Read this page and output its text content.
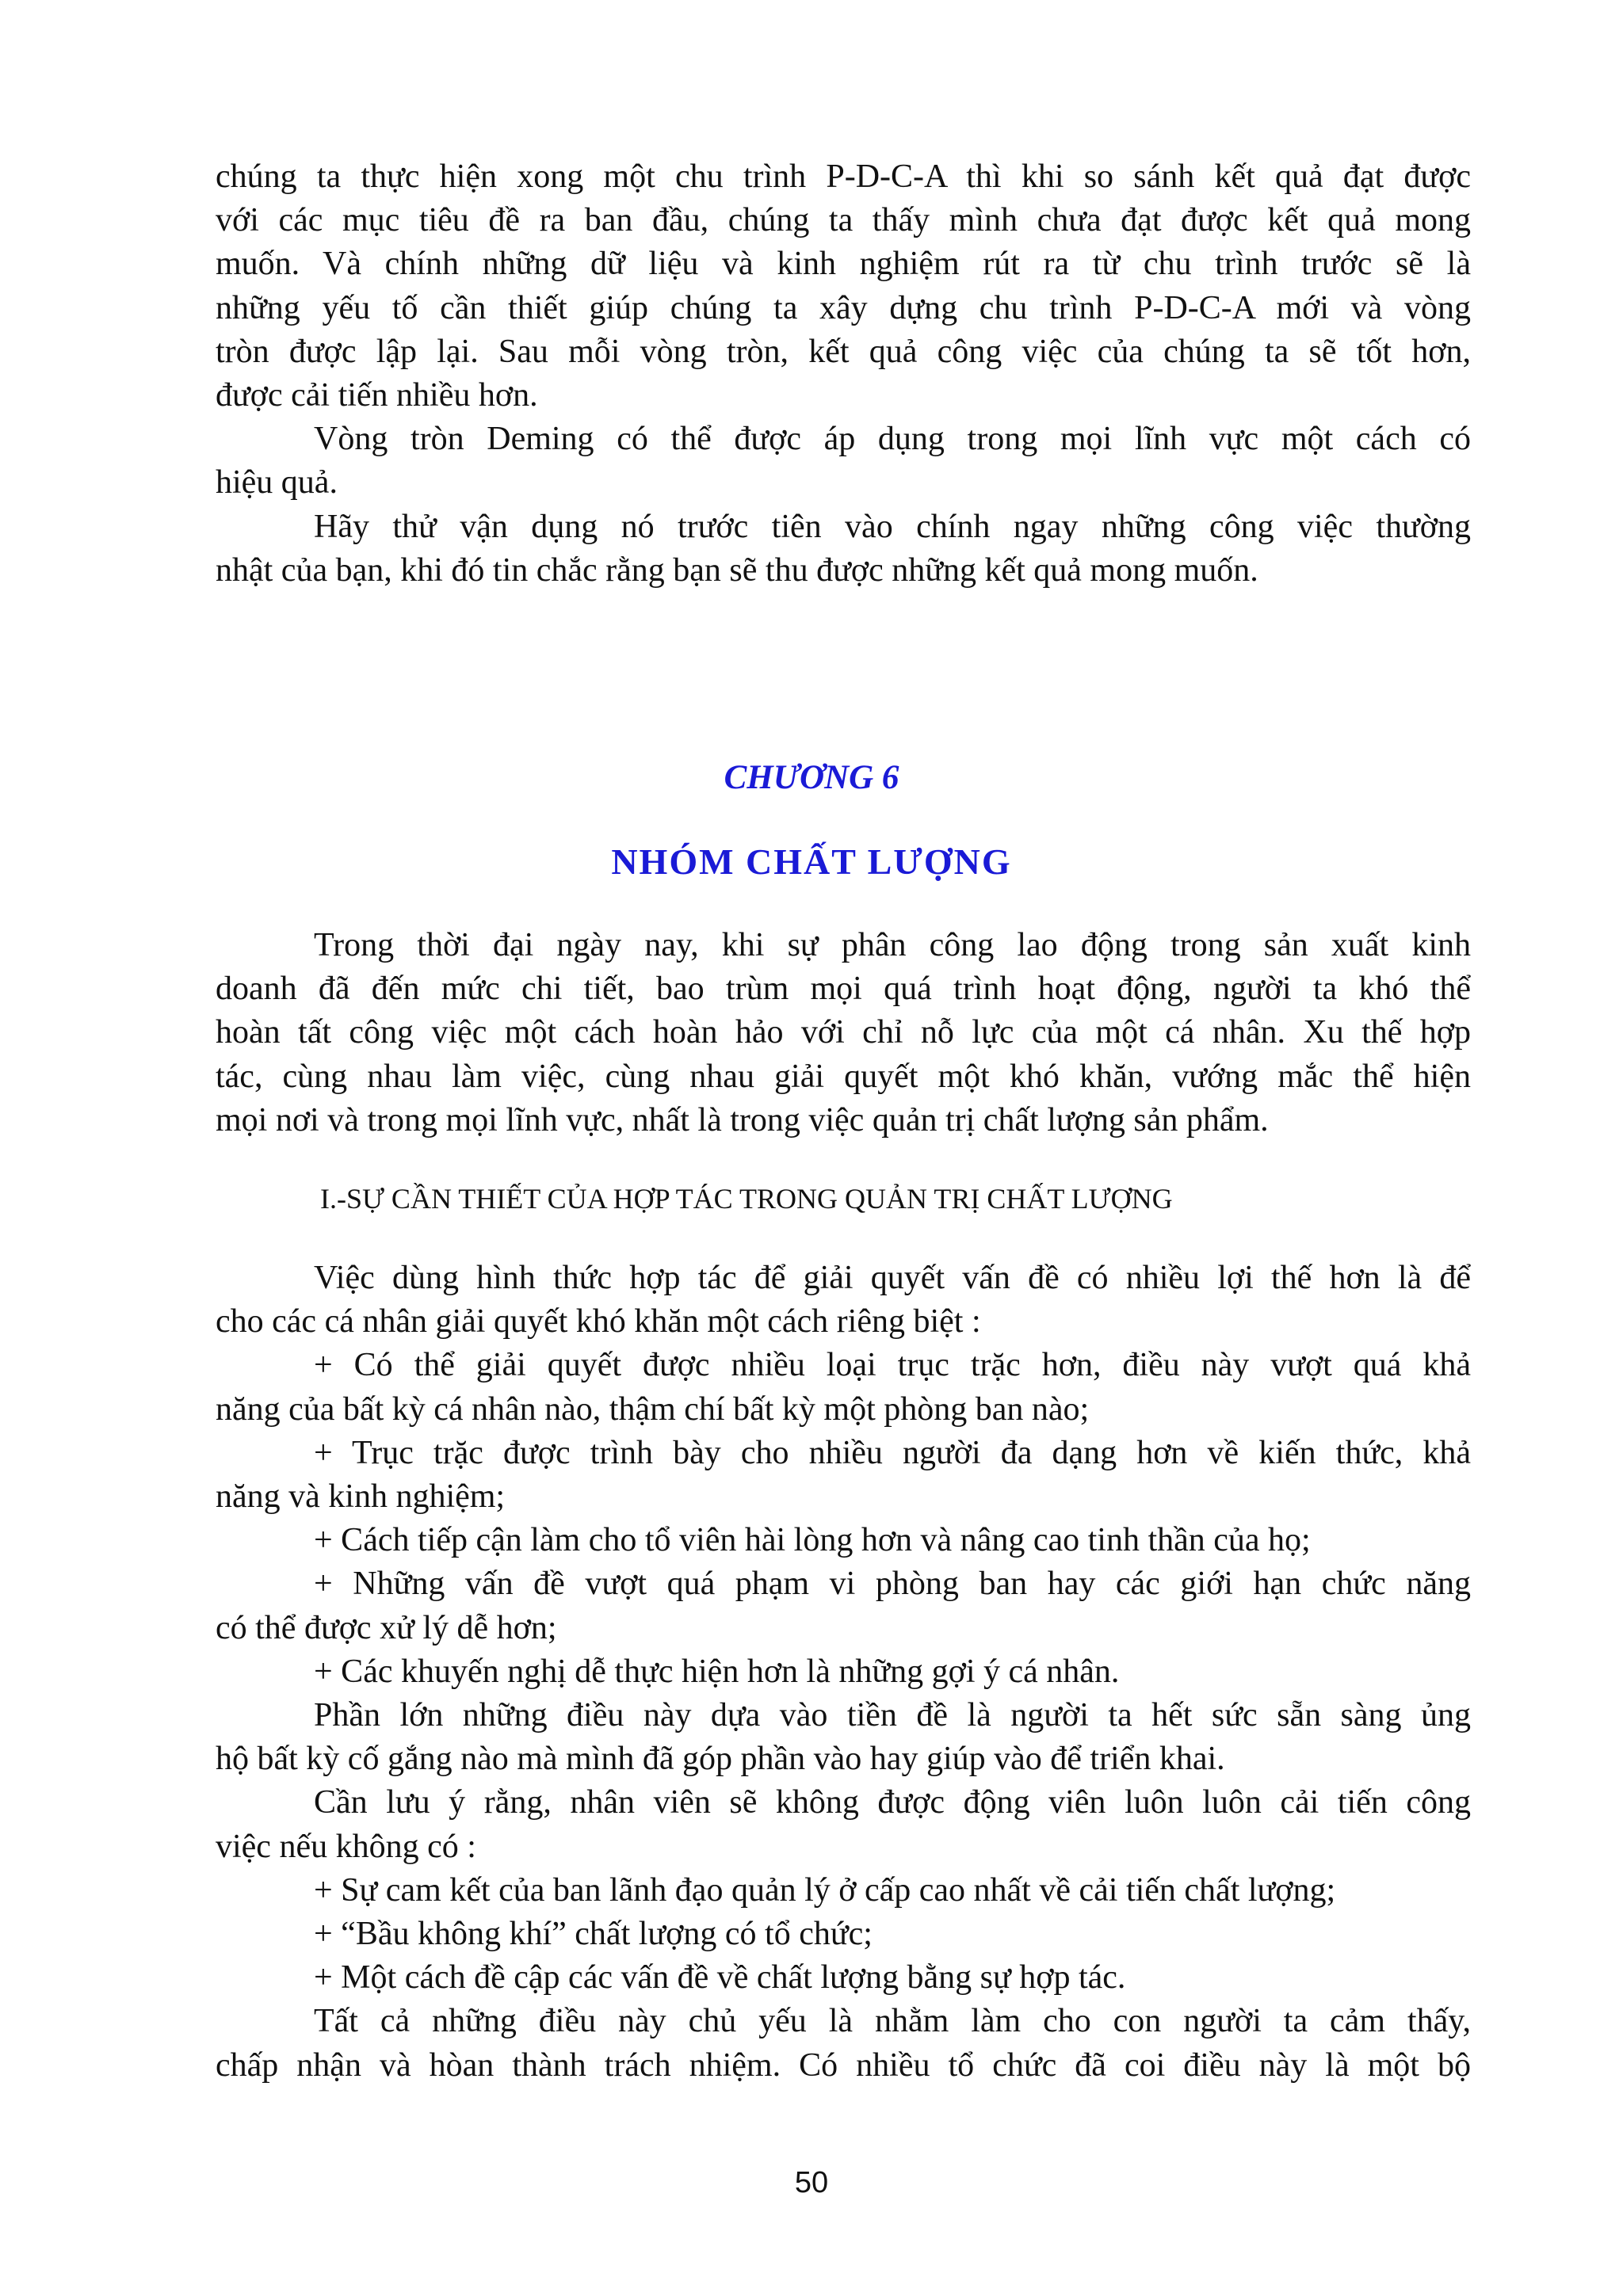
chúng ta thực hiện xong một chu trình P-D-C-A thì khi so sánh kết quả đạt được

với các mục tiêu đề ra ban đầu, chúng ta thấy mình chưa đạt được kết quả mong

muốn. Và chính những dữ liệu và kinh nghiệm rút ra từ chu trình trước sẽ là

những yếu tố cần thiết giúp chúng ta xây dựng chu trình P-D-C-A mới và vòng

tròn được lập lại. Sau mỗi vòng tròn, kết quả công việc của chúng ta sẽ tốt hơn,

được cải tiến nhiều hơn.

Vòng tròn Deming có thể được áp dụng trong mọi lĩnh vực một cách có

hiệu quả.

Hãy thử vận dụng nó trước tiên vào chính ngay những công việc thường

nhật của bạn, khi đó tin chắc rằng bạn sẽ thu được những kết quả mong muốn.

CHƯƠNG 6
NHÓM CHẤT LƯỢNG

Trong thời đại ngày nay, khi sự phân công lao động trong sản xuất kinh

doanh đã đến mức chi tiết, bao trùm mọi quá trình hoạt động, người ta khó thể

hoàn tất công việc một cách hoàn hảo với chỉ nỗ lực của một cá nhân. Xu thế hợp

tác, cùng nhau làm việc, cùng nhau giải quyết một khó khăn, vướng mắc thể hiện

mọi nơi và trong mọi lĩnh vực, nhất là trong việc quản trị chất lượng sản phẩm.

I.-SỰ CẦN THIẾT CỦA HỢP TÁC TRONG QUẢN TRỊ CHẤT LƯỢNG

Việc dùng hình thức hợp tác để giải quyết vấn đề có nhiều lợi thế hơn là để

cho các cá nhân giải quyết khó khăn một cách riêng biệt :

+ Có thể giải quyết được nhiều loại trục trặc hơn, điều này vượt quá khả

năng của bất kỳ cá nhân nào, thậm chí bất kỳ một phòng ban nào;

+ Trục trặc được trình bày cho nhiều người đa dạng hơn về kiến thức, khả

năng và kinh nghiệm;

+ Cách tiếp cận làm cho tổ viên hài lòng hơn và nâng cao tinh thần của họ;

+ Những vấn đề vượt quá phạm vi phòng ban hay các giới hạn chức năng

có thể được xử lý dễ hơn;

+ Các khuyến nghị dễ thực hiện hơn là những gợi ý cá nhân.

Phần lớn những điều này dựa vào tiền đề là người ta hết sức sẵn sàng ủng

hộ bất kỳ cố gắng nào mà mình đã góp phần vào hay giúp vào để triển khai.

Cần lưu ý rằng, nhân viên sẽ không được động viên luôn luôn cải tiến công

việc nếu không có :

+ Sự cam kết của ban lãnh đạo quản lý ở cấp cao nhất về cải tiến chất lượng;

+ “Bầu không khí” chất lượng có tổ chức;

+ Một cách đề cập các vấn đề về chất lượng bằng sự hợp tác.

Tất cả những điều này chủ yếu là nhằm làm cho con người ta cảm thấy,

chấp nhận và hòan thành trách nhiệm. Có nhiều tổ chức đã coi điều này là một bộ

50
